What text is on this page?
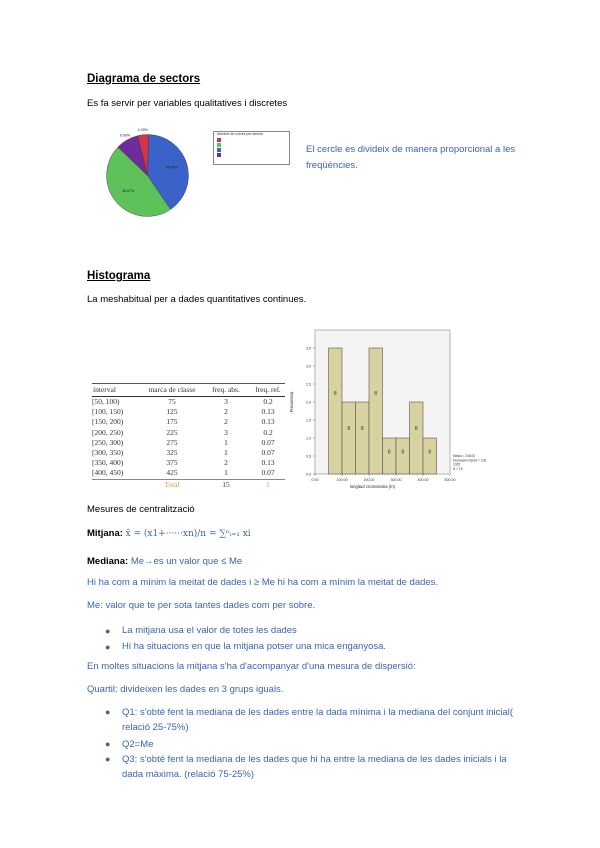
Diagrama de sectors
Es fa servir per variables qualitatives i discretes
40,00%
46,67%
9,00%
4,33%
Nombre de cotxes per família
El cercle es divideix de manera proporcional a les freqüències.
Histograma
La meshabitual per a dades quantitatives continues.
interval	marca de classe	freq. abs.	freq. rel.
[50, 100)	75	3	0.2
[100, 150)	125	2	0.13
[150, 200)	175	2	0.13
[200, 250)	225	3	0.2
[250, 300)	275	1	0.07
[300, 350)	325	1	0.07
[350, 400)	375	2	0.13
[400, 450)	425	1	0.07
	Total	15	1
0,0
0,5
1,0
1,5
2,0
2,5
3,0
3,5
0,00	100,00	200,00	300,00	400,00	500,00
8
8 8
8
8 8
8
8
longitud cromosoma (m)
Frecuencia
Media = 246,00
Desviación típica = 118,
1025
N = 15
Mesures de centralització
Mitjana: x̄ = (x1+······xn)/n = ∑ⁿᵢ₌₁ xi
Mediana: Me→es un valor que ≤ Me
Hi ha com a mínim la meitat de dades i ≥ Me hi ha com a mínim la meitat de dades.
Me: valor que te per sota tantes dades com per sobre.
● La mitjana usa el valor de totes les dades
● Hi ha situacions en que la mitjana potser una mica enganyosa.
En moltes situacions la mitjana s'ha d'acompanyar d'una mesura de dispersió:
Quartil: divideixen les dades en 3 grups iguals.
● Q1: s'obté fent la mediana de les dades entre la dada mínima i la mediana del conjunt inicial( relació 25-75%)
● Q2=Me
● Q3: s'obté fent la mediana de les dades que hi ha entre la mediana de les dades inicials i la dada màxima. (relació 75-25%)
